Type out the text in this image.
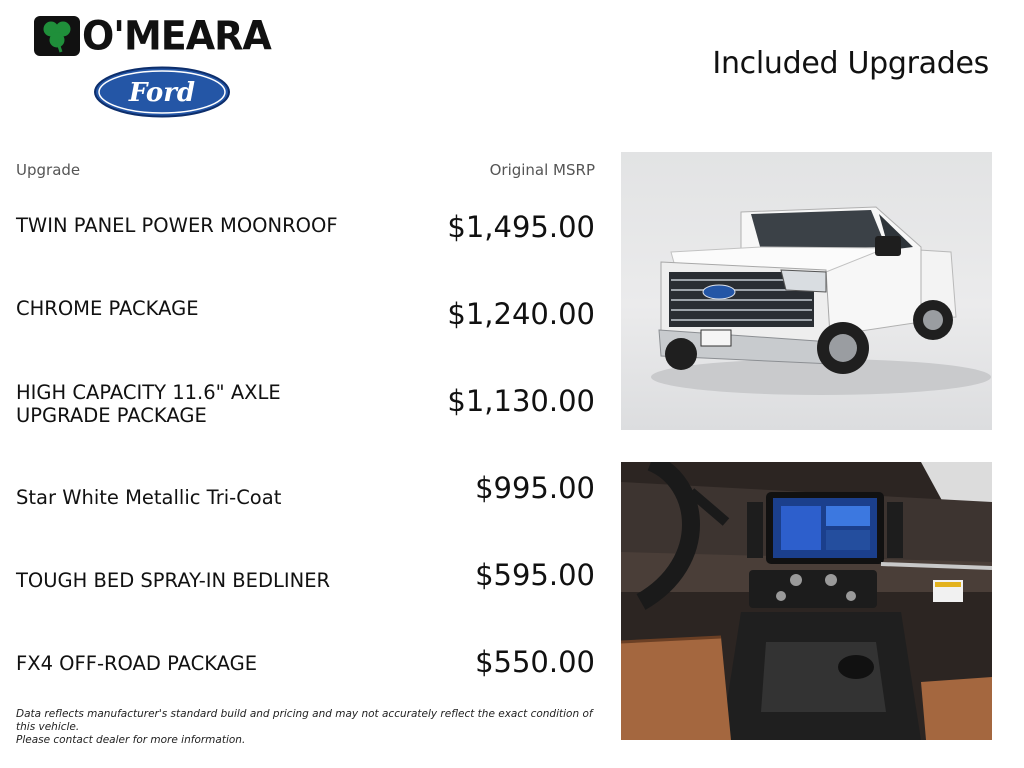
O'MEARA
Ford
Included Upgrades
Upgrade	Original MSRP
TWIN PANEL POWER MOONROOF	$1,495.00
CHROME PACKAGE	$1,240.00
HIGH CAPACITY 11.6" AXLE UPGRADE PACKAGE	$1,130.00
Star White Metallic Tri-Coat	$995.00
TOUGH BED SPRAY-IN BEDLINER	$595.00
FX4 OFF-ROAD PACKAGE	$550.00
Data reflects manufacturer's standard build and pricing and may not accurately reflect the exact condition of this vehicle.
Please contact dealer for more information.
